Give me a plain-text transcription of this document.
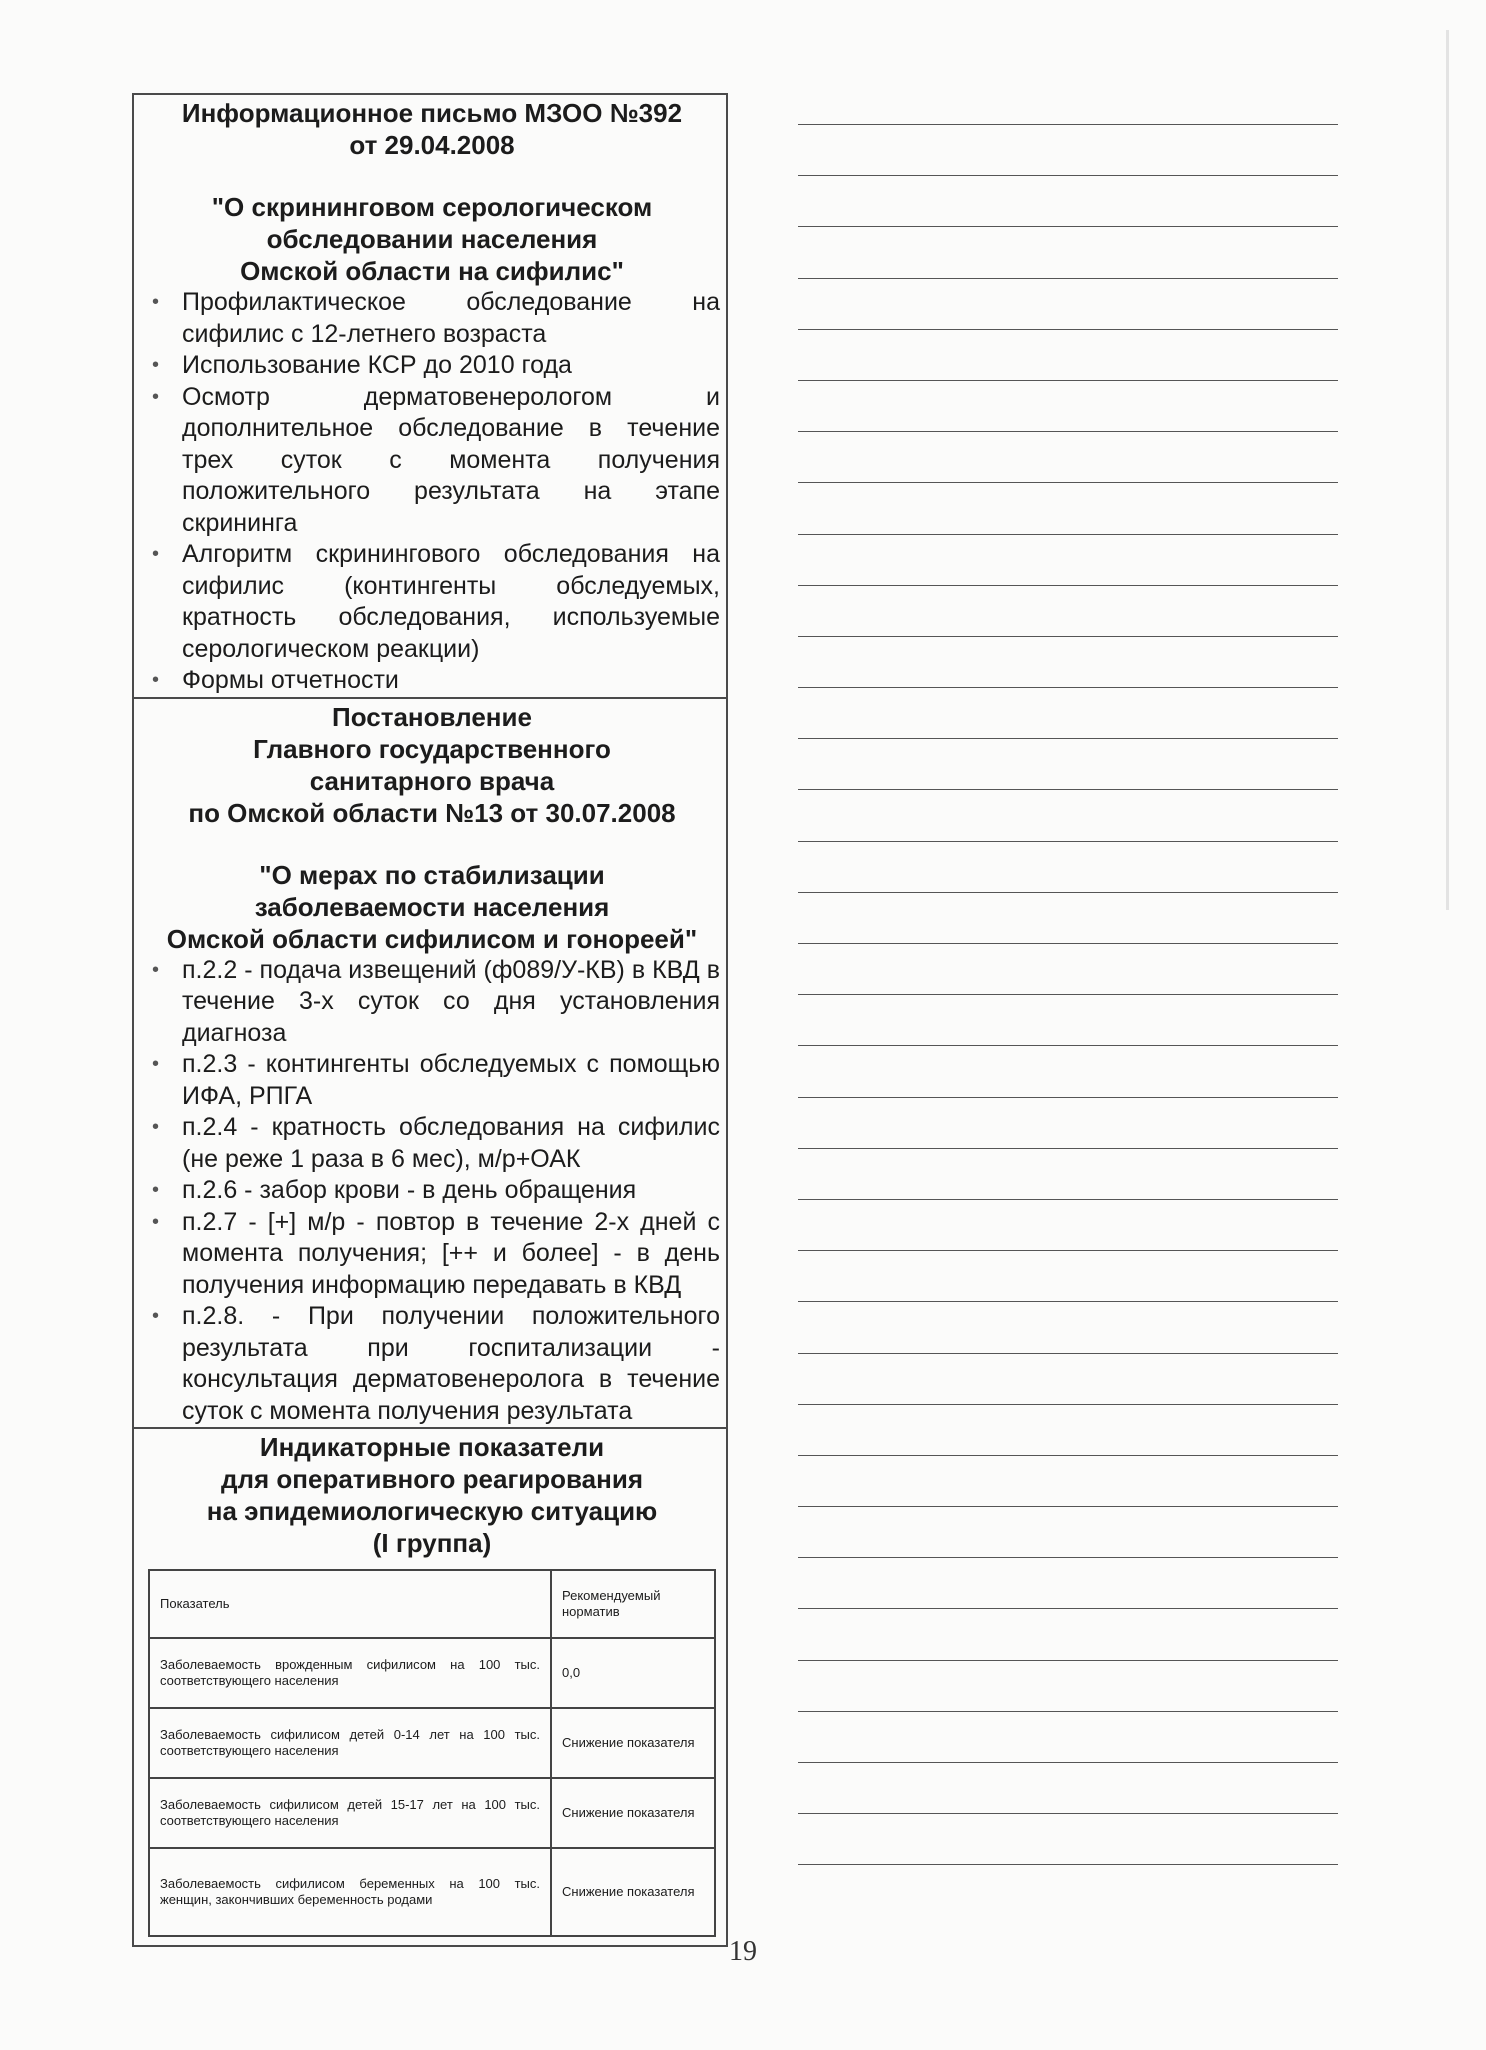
Информационное письмо МЗОО №392
от 29.04.2008
"О скрининговом серологическом
обследовании населения
Омской области на сифилис"
• Профилактическое обследование на сифилис с 12-летнего возраста
• Использование КСР до 2010 года
• Осмотр дерматовенерологом и дополнительное обследование в течение трех суток с момента получения положительного результата на этапе скрининга
• Алгоритм скринингового обследования на сифилис (контингенты обследуемых, кратность обследования, используемые серологическом реакции)
• Формы отчетности
Постановление
Главного государственного
санитарного врача
по Омской области №13 от 30.07.2008
"О мерах по стабилизации
заболеваемости населения
Омской области сифилисом и гонореей"
• п.2.2 - подача извещений (ф089/У-КВ) в КВД в течение 3-х суток со дня установления диагноза
• п.2.3 - контингенты обследуемых с помощью ИФА, РПГА
• п.2.4 - кратность обследования на сифилис (не реже 1 раза в 6 мес), м/р+ОАК
• п.2.6 - забор крови - в день обращения
• п.2.7 - [+] м/р - повтор в течение 2-х дней с момента получения; [++ и более] - в день получения информацию передавать в КВД
• п.2.8. - При получении положительного результата при госпитализации - консультация дерматовенеролога в течение суток с момента получения результата
Индикаторные показатели
для оперативного реагирования
на эпидемиологическую ситуацию
(I группа)
Показатель	Рекомендуемый норматив
Заболеваемость врожденным сифилисом на 100 тыс. соответствующего населения	0,0
Заболеваемость сифилисом детей 0-14 лет на 100 тыс. соответствующего населения	Снижение показателя
Заболеваемость сифилисом детей 15-17 лет на 100 тыс. соответствующего населения	Снижение показателя
Заболеваемость сифилисом беременных на 100 тыс. женщин, закончивших беременность родами	Снижение показателя
19
